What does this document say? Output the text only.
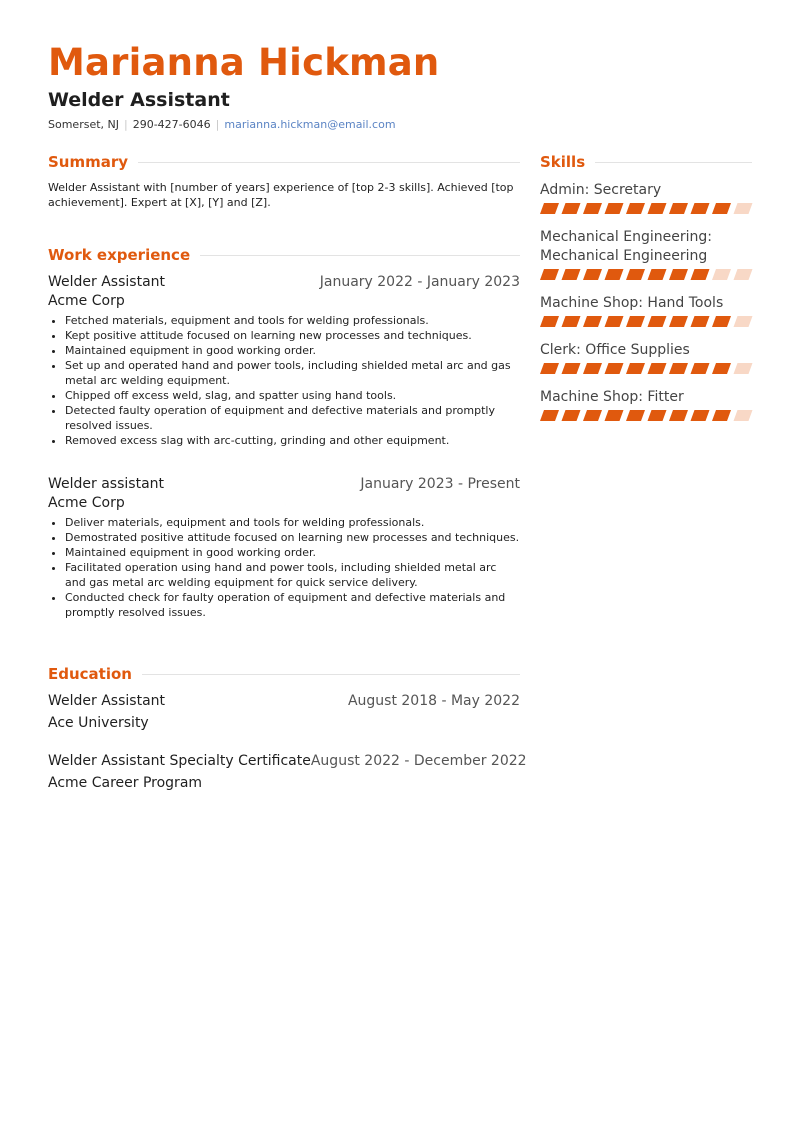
Marianna Hickman
Welder Assistant
Somerset, NJ | 290-427-6046 | marianna.hickman@email.com
Summary
Welder Assistant with [number of years] experience of [top 2-3 skills]. Achieved [top achievement]. Expert at [X], [Y] and [Z].
Work experience
Welder Assistant	January 2022 - January 2023
Acme Corp
• Fetched materials, equipment and tools for welding professionals.
• Kept positive attitude focused on learning new processes and techniques.
• Maintained equipment in good working order.
• Set up and operated hand and power tools, including shielded metal arc and gas metal arc welding equipment.
• Chipped off excess weld, slag, and spatter using hand tools.
• Detected faulty operation of equipment and defective materials and promptly resolved issues.
• Removed excess slag with arc-cutting, grinding and other equipment.
Welder assistant	January 2023 - Present
Acme Corp
• Deliver materials, equipment and tools for welding professionals.
• Demostrated positive attitude focused on learning new processes and techniques.
• Maintained equipment in good working order.
• Facilitated operation using hand and power tools, including shielded metal arc and gas metal arc welding equipment for quick service delivery.
• Conducted check for faulty operation of equipment and defective materials and promptly resolved issues.
Education
Welder Assistant	August 2018 - May 2022
Ace University
Welder Assistant Specialty Certificate August 2022 - December 2022
Acme Career Program
Skills
Admin: Secretary
Mechanical Engineering: Mechanical Engineering
Machine Shop: Hand Tools
Clerk: Office Supplies
Machine Shop: Fitter
